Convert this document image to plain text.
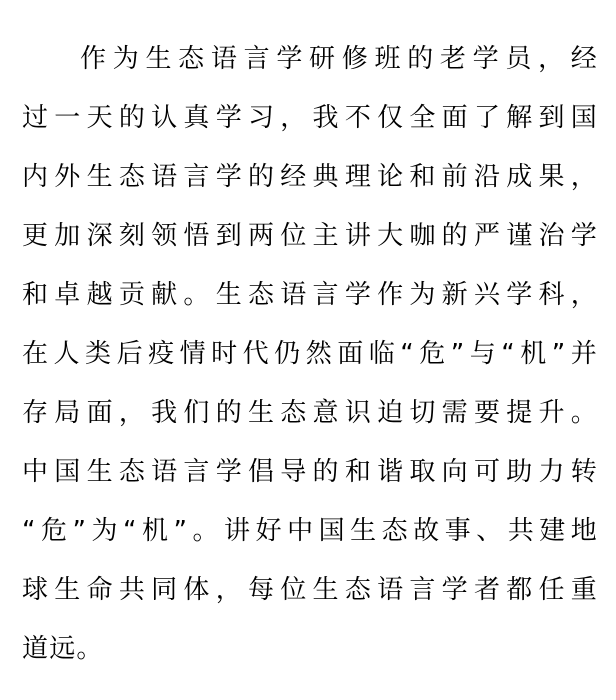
作为生态语言学研修班的老学员，经
过一天的认真学习，我不仅全面了解到国
内外生态语言学的经典理论和前沿成果，
更加深刻领悟到两位主讲大咖的严谨治学
和卓越贡献。生态语言学作为新兴学科，
在人类后疫情时代仍然面临“危”与“机”并
存局面，我们的生态意识迫切需要提升。
中国生态语言学倡导的和谐取向可助力转
“危”为“机”。讲好中国生态故事、共建地
球生命共同体，每位生态语言学者都任重
道远。
